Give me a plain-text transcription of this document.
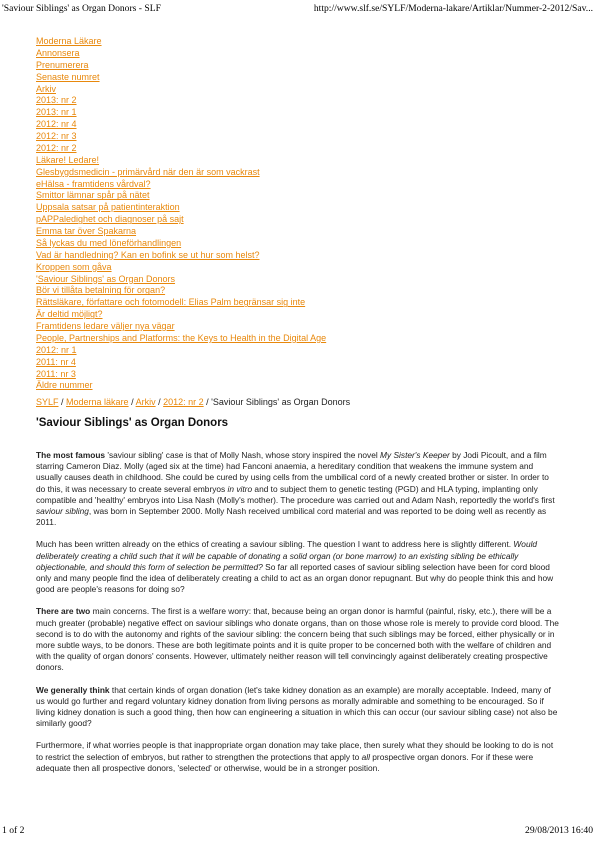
'Saviour Siblings' as Organ Donors - SLF	http://www.slf.se/SYLF/Moderna-lakare/Artiklar/Nummer-2-2012/Sav...
Moderna Läkare
Annonsera
Prenumerera
Senaste numret
Arkiv
2013: nr 2
2013: nr 1
2012: nr 4
2012: nr 3
2012: nr 2
Läkare! Ledare!
Glesbygdsmedicin - primärvård när den är som vackrast
eHälsa - framtidens vårdval?
Smittor lämnar spår på nätet
Uppsala satsar på patientinteraktion
pAPPaledighet och diagnoser på sajt
Emma tar över Spakarna
Så lyckas du med löneförhandlingen
Vad är handledning? Kan en bofink se ut hur som helst?
Kroppen som gåva
'Saviour Siblings' as Organ Donors
Bör vi tillåta betalning för organ?
Rättsläkare, författare och fotomodell: Elias Palm begränsar sig inte
Är deltid möjligt?
Framtidens ledare väljer nya vägar
People, Partnerships and Platforms: the Keys to Health in the Digital Age
2012: nr 1
2011: nr 4
2011: nr 3
Äldre nummer
SYLF / Moderna läkare / Arkiv / 2012: nr 2 / 'Saviour Siblings' as Organ Donors
'Saviour Siblings' as Organ Donors

The most famous 'saviour sibling' case is that of Molly Nash, whose story inspired the novel My Sister's Keeper by Jodi Picoult, and a film starring Cameron Diaz. Molly (aged six at the time) had Fanconi anaemia, a hereditary condition that weakens the immune system and usually causes death in childhood. She could be cured by using cells from the umbilical cord of a newly created brother or sister. In order to do this, it was necessary to create several embryos in vitro and to subject them to genetic testing (PGD) and HLA typing, implanting only compatible and 'healthy' embryos into Lisa Nash (Molly's mother). The procedure was carried out and Adam Nash, reportedly the world's first saviour sibling, was born in September 2000. Molly Nash received umbilical cord material and was reported to be doing well as recently as 2011.

Much has been written already on the ethics of creating a saviour sibling. The question I want to address here is slightly different. Would deliberately creating a child such that it will be capable of donating a solid organ (or bone marrow) to an existing sibling be ethically objectionable, and should this form of selection be permitted? So far all reported cases of saviour sibling selection have been for cord blood only and many people find the idea of deliberately creating a child to act as an organ donor repugnant. But why do people think this and how good are people's reasons for doing so?

There are two main concerns. The first is a welfare worry: that, because being an organ donor is harmful (painful, risky, etc.), there will be a much greater (probable) negative effect on saviour siblings who donate organs, than on those whose role is merely to provide cord blood. The second is to do with the autonomy and rights of the saviour sibling: the concern being that such siblings may be forced, either physically or in more subtle ways, to be donors. These are both legitimate points and it is quite proper to be concerned both with the welfare of children and with the quality of organ donors' consents. However, ultimately neither reason will tell convincingly against deliberately creating prospective donors.

We generally think that certain kinds of organ donation (let's take kidney donation as an example) are morally acceptable. Indeed, many of us would go further and regard voluntary kidney donation from living persons as morally admirable and something to be encouraged. So if living kidney donation is such a good thing, then how can engineering a situation in which this can occur (our saviour sibling case) not also be similarly good?

Furthermore, if what worries people is that inappropriate organ donation may take place, then surely what they should be looking to do is not to restrict the selection of embryos, but rather to strengthen the protections that apply to all prospective organ donors. For if these were adequate then all prospective donors, 'selected' or otherwise, would be in a stronger position.

1 of 2	29/08/2013 16:40
